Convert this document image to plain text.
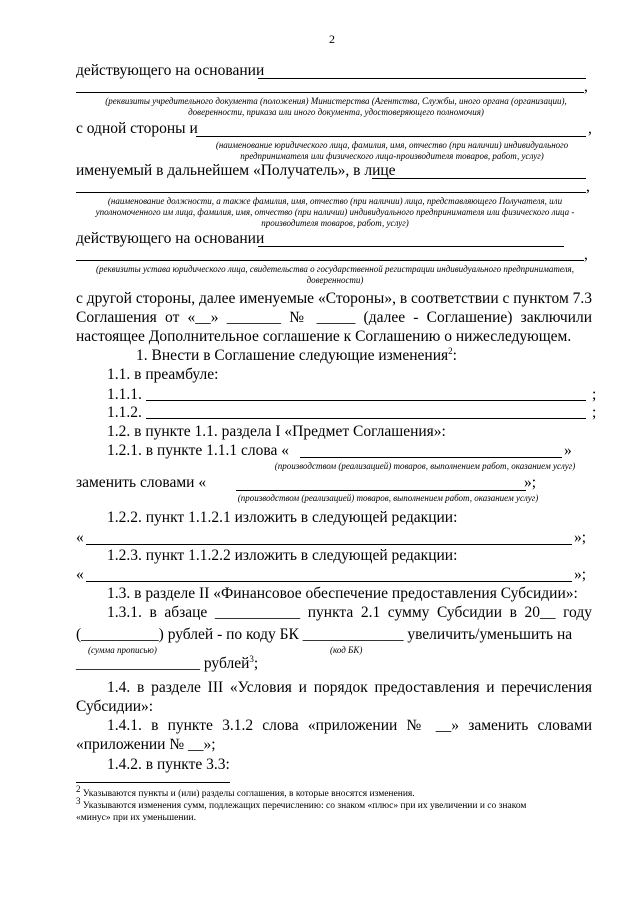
2
действующего на основании
,
(реквизиты учредительного документа (положения) Министерства (Агентства, Службы, иного органа (организации),
доверенности, приказа или иного документа, удостоверяющего полномочия)
с одной стороны и	,
(наименование юридического лица, фамилия, имя, отчество (при наличии) индивидуального
предпринимателя или физического лица-производителя товаров, работ, услуг)
именуемый в дальнейшем «Получатель», в лице
,
(наименование должности, а также фамилия, имя, отчество (при наличии) лица, представляющего Получателя, или
уполномоченного им лица, фамилия, имя, отчество (при наличии) индивидуального предпринимателя или физического лица -
производителя товаров, работ, услуг)
действующего на основании
,
(реквизиты устава юридического лица, свидетельства о государственной регистрации индивидуального предпринимателя,
доверенности)
с другой стороны, далее именуемые «Стороны», в соответствии с пунктом 7.3
Соглашения от «__» _______ № _____ (далее - Соглашение) заключили
настоящее Дополнительное соглашение к Соглашению о нижеследующем.
1. Внести в Соглашение следующие изменения$^2$:
1.1. в преамбуле:
1.1.1.	;
1.1.2.	;
1.2. в пункте 1.1. раздела I «Предмет Соглашения»:
1.2.1. в пункте 1.1.1 слова «	»
(производством (реализацией) товаров, выполнением работ, оказанием услуг)
заменить словами «	»;
(производством (реализацией) товаров, выполнением работ, оказанием услуг)
1.2.2. пункт 1.1.2.1 изложить в следующей редакции:
«	»;
1.2.3. пункт 1.1.2.2 изложить в следующей редакции:
«	»;
1.3. в разделе II «Финансовое обеспечение предоставления Субсидии»:
1.3.1. в абзаце ___________ пункта 2.1 сумму Субсидии в 20__ году
(__________) рублей - по коду БК _____________ увеличить/уменьшить на
(сумма прописью)	(код БК)
________________ рублей$^3$;
1.4. в разделе III «Условия и порядок предоставления и перечисления
Субсидии»:
1.4.1. в пункте 3.1.2 слова «приложении № __» заменить словами
«приложении № __»;
1.4.2. в пункте 3.3:
$^2$ Указываются пункты и (или) разделы соглашения, в которые вносятся изменения.
$^3$ Указываются изменения сумм, подлежащих перечислению: со знаком «плюс» при их увеличении и со знаком
«минус» при их уменьшении.
